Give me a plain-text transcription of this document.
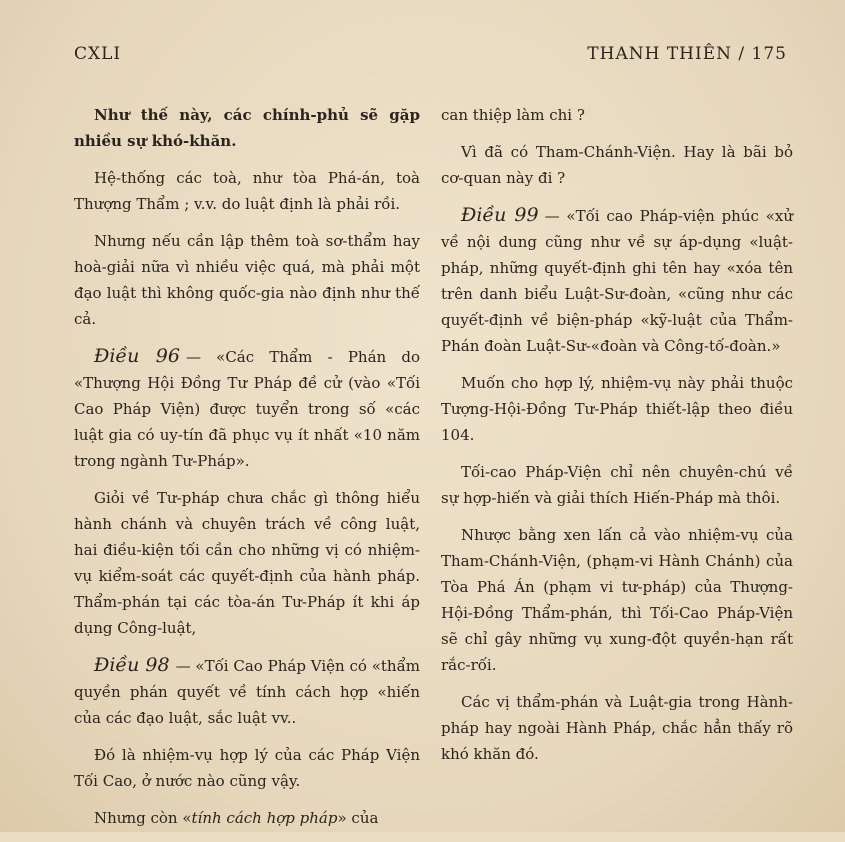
CXLI	THANH THIÊN / 175

Như thế này, các chính-phủ sẽ gặp nhiều sự khó-khăn.

Hệ-thống các toà, như tòa Phá-án, toà Thượng Thẩm ; v.v. do luật định là phải rồi.

Nhưng nếu cần lập thêm toà sơ-thẩm hay hoà-giải nữa vì nhiều việc quá, mà phải một đạo luật thì không quốc-gia nào định như thế cả.

Điều 96 — «Các Thẩm - Phán do «Thượng Hội Đồng Tư Pháp đề cử (vào «Tối Cao Pháp Viện) được tuyển trong số «các luật gia có uy-tín đã phục vụ ít nhất «10 năm trong ngành Tư-Pháp».

Giỏi về Tư-pháp chưa chắc gì thông hiểu hành chánh và chuyên trách về công luật, hai điều-kiện tối cần cho những vị có nhiệm-vụ kiểm-soát các quyết-định của hành pháp. Thẩm-phán tại các tòa-án Tư-Pháp ít khi áp dụng Công-luật,

Điều 98 — «Tối Cao Pháp Viện có «thẩm quyền phán quyết về tính cách hợp «hiến của các đạo luật, sắc luật vv..

Đó là nhiệm-vụ hợp lý của các Pháp Viện Tối Cao, ở nước nào cũng vậy.

Nhưng còn «tính cách hợp pháp» của

can thiệp làm chi ?

Vì đã có Tham-Chánh-Viện. Hay là bãi bỏ cơ-quan này đi ?

Điều 99 — «Tối cao Pháp-viện phúc «xử về nội dung cũng như về sự áp-dụng «luật-pháp, những quyết-định ghi tên hay «xóa tên trên danh biểu Luật-Sư-đoàn, «cũng như các quyết-định về biện-pháp «kỹ-luật của Thẩm-Phán đoàn Luật-Sư-«đoàn và Công-tố-đoàn.»

Muốn cho hợp lý, nhiệm-vụ này phải thuộc Tượng-Hội-Đồng Tư-Pháp thiết-lập theo điều 104.

Tối-cao Pháp-Viện chỉ nên chuyên-chú về sự hợp-hiến và giải thích Hiến-Pháp mà thôi.

Nhược bằng xen lấn cả vào nhiệm-vụ của Tham-Chánh-Viện, (phạm-vi Hành Chánh) của Tòa Phá Án (phạm vi tư-pháp) của Thượng-Hội-Đồng Thẩm-phán, thì Tối-Cao Pháp-Viện sẽ chỉ gây những vụ xung-đột quyền-hạn rất rắc-rối.

Các vị thẩm-phán và Luật-gia trong Hành-pháp hay ngoài Hành Pháp, chắc hẳn thấy rõ khó khăn đó.
